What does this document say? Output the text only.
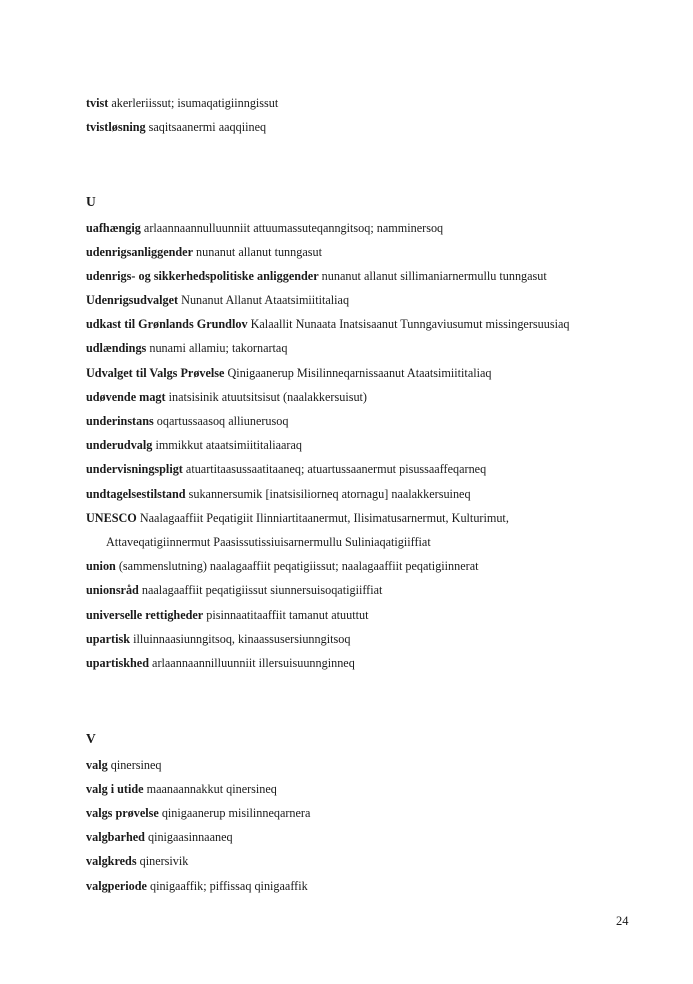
tvist akerleriissut; isumaqatigiinngissut
tvistløsning saqitsaanermi aaqqiineq
U
uafhængig arlaannaannulluunniit attuumassuteqanngitsoq; namminersoq
udenrigsanliggender nunanut allanut tunngasut
udenrigs- og sikkerhedspolitiske anliggender nunanut allanut sillimaniarnermullu tunngasut
Udenrigsudvalget Nunanut Allanut Ataatsimiititaliaq
udkast til Grønlands Grundlov Kalaallit Nunaata Inatsisaanut Tunngaviusumut missingersuusiaq
udlændings nunami allamiu; takornartaq
Udvalget til Valgs Prøvelse Qinigaanerup Misilinneqarnissaanut Ataatsimiititaliaq
udøvende magt inatsisinik atuutsitsisut (naalakkersuisut)
underinstans oqartussaasoq alliunerusoq
underudvalg immikkut ataatsimiititaliaaraq
undervisningspligt atuartitaasussaatitaaneq; atuartussaanermut pisussaaffeqarneq
undtagelsestilstand sukannersumik [inatsisiliorneq atornagu] naalakkersuineq
UNESCO Naalagaaffiit Peqatigiit Ilinniartitaanermut, Ilisimatusarnermut, Kulturimut,
Attaveqatigiinnermut Paasissutissiuisarnermullu Suliniaqatigiiffiat
union (sammenslutning) naalagaaffiit peqatigiissut; naalagaaffiit peqatigiinnerat
unionsråd naalagaaffiit peqatigiissut siunnersuisoqatigiiffiat
universelle rettigheder pisinnaatitaaffiit tamanut atuuttut
upartisk illuinnaasiunngitsoq, kinaassusersiunngitsoq
upartiskhed arlaannaannilluunniit illersuisuunnginneq
V
valg qinersineq
valg i utide maanaannakkut qinersineq
valgs prøvelse qinigaanerup misilinneqarnera
valgbarhed qinigaasinnaaneq
valgkreds qinersivik
valgperiode qinigaaffik; piffissaq qinigaaffik
24
